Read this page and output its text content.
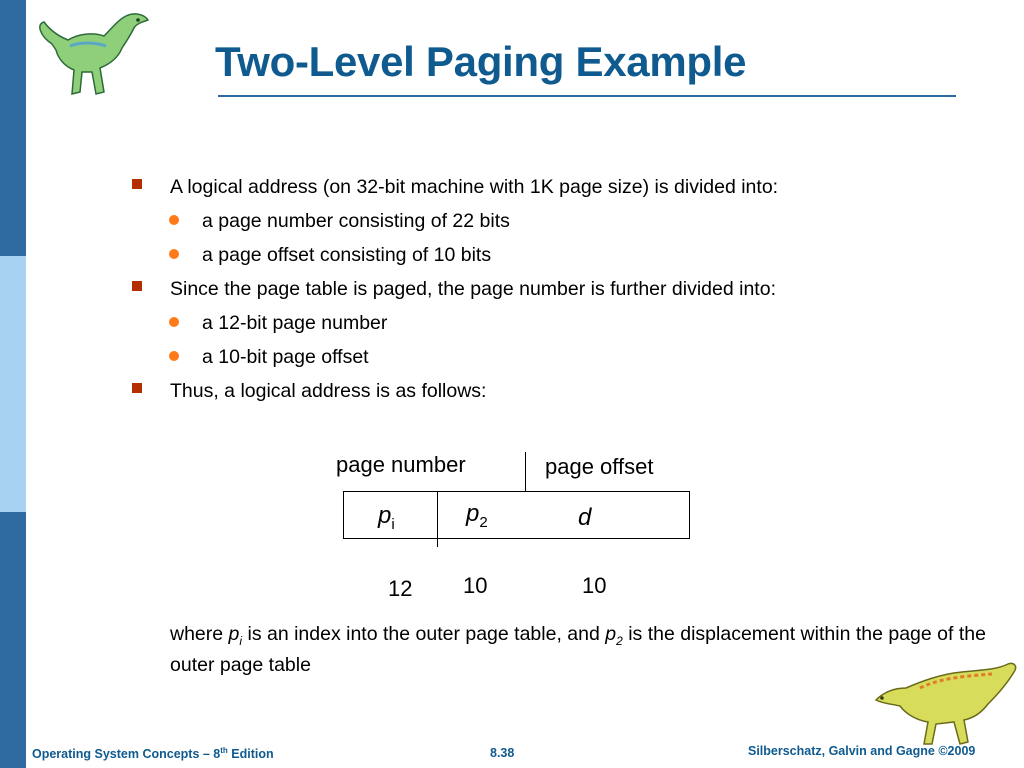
Two-Level Paging Example
A logical address (on 32-bit machine with 1K page size) is divided into:
a page number consisting of 22 bits
a page offset consisting of 10 bits
Since the page table is paged, the page number is further divided into:
a 12-bit page number
a 10-bit page offset
Thus, a logical address is as follows:
page number	page offset
$p_i$	$p_2$	d
12 10	10
where $p_i$ is an index into the outer page table, and $p_2$ is the displacement within the page of the outer page table
Operating System Concepts – 8th Edition	8.38	Silberschatz, Galvin and Gagne ©2009
